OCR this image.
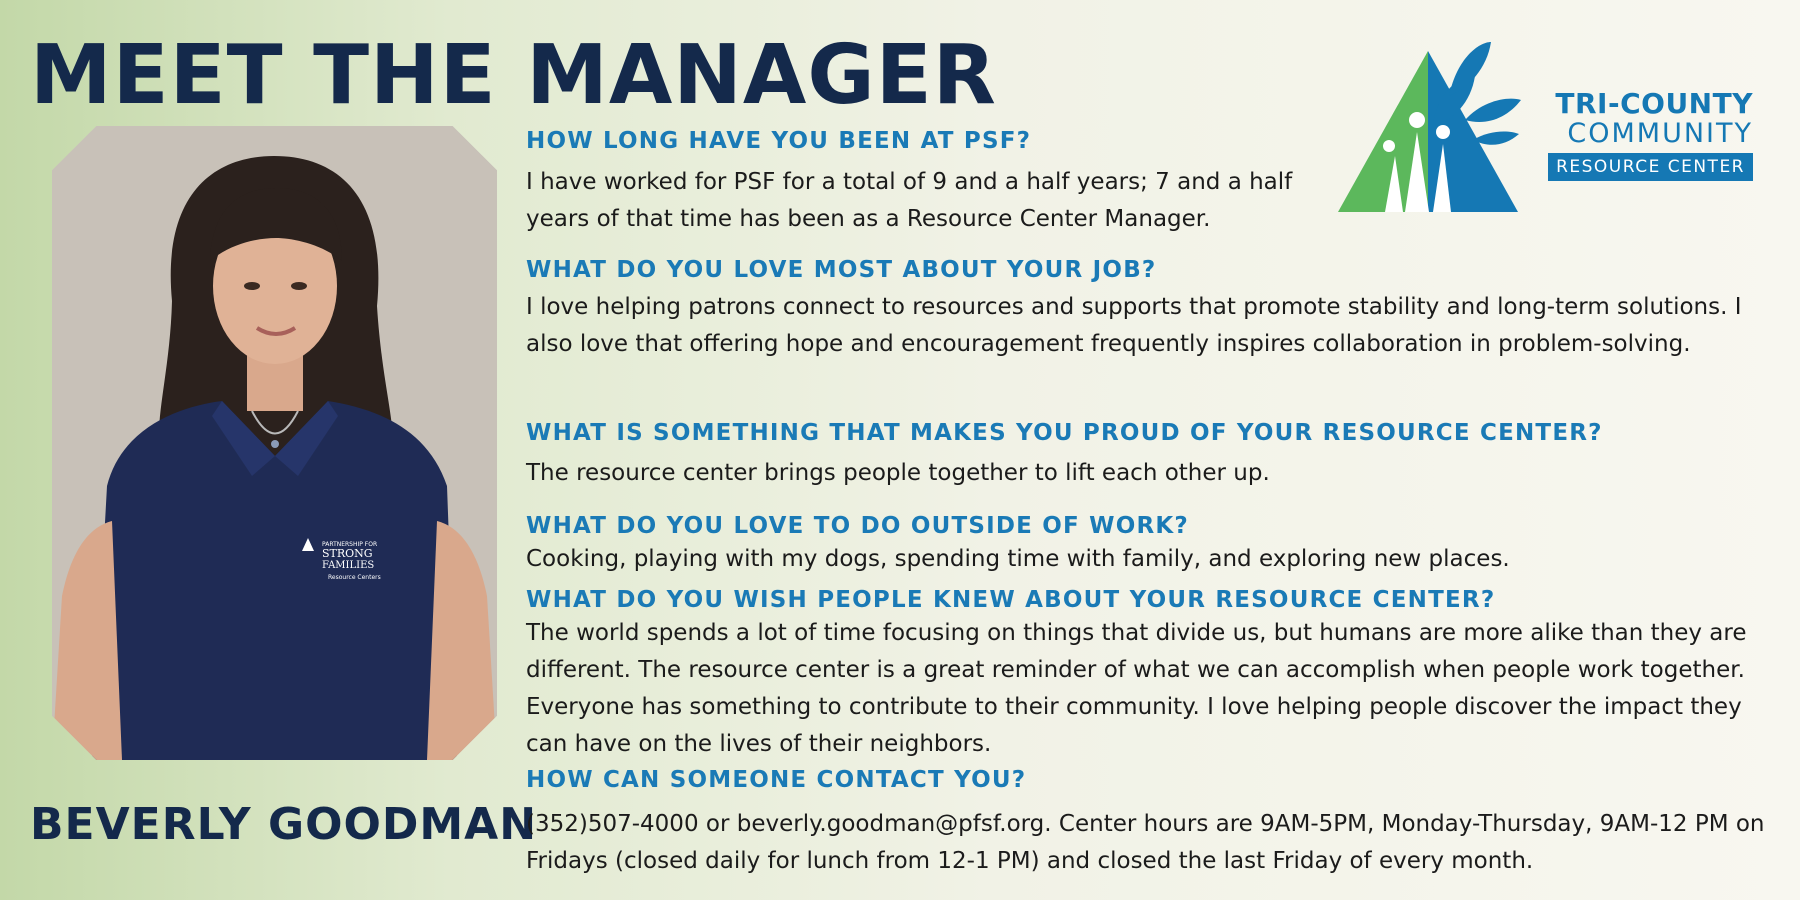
MEET THE MANAGER	TRI-COUNTY
COMMUNITY
RESOURCE CENTER
PARTNERSHIP FOR
STRONG
FAMILIES
Resource Centers
BEVERLY GOODMAN
HOW LONG HAVE YOU BEEN AT PSF?

I have worked for PSF for a total of 9 and a half years; 7 and a half years of that time has been as a Resource Center Manager.

WHAT DO YOU LOVE MOST ABOUT YOUR JOB?

I love helping patrons connect to resources and supports that promote stability and long-term solutions. I also love that offering hope and encouragement frequently inspires collaboration in problem-solving.

WHAT IS SOMETHING THAT MAKES YOU PROUD OF YOUR RESOURCE CENTER?

The resource center brings people together to lift each other up.

WHAT DO YOU LOVE TO DO OUTSIDE OF WORK?

Cooking, playing with my dogs, spending time with family, and exploring new places.

WHAT DO YOU WISH PEOPLE KNEW ABOUT YOUR RESOURCE CENTER?

The world spends a lot of time focusing on things that divide us, but humans are more alike than they are different. The resource center is a great reminder of what we can accomplish when people work together. Everyone has something to contribute to their community. I love helping people discover the impact they can have on the lives of their neighbors.

HOW CAN SOMEONE CONTACT YOU?

(352)507-4000 or beverly.goodman@pfsf.org. Center hours are 9AM-5PM, Monday-Thursday, 9AM-12 PM on Fridays (closed daily for lunch from 12-1 PM) and closed the last Friday of every month.
